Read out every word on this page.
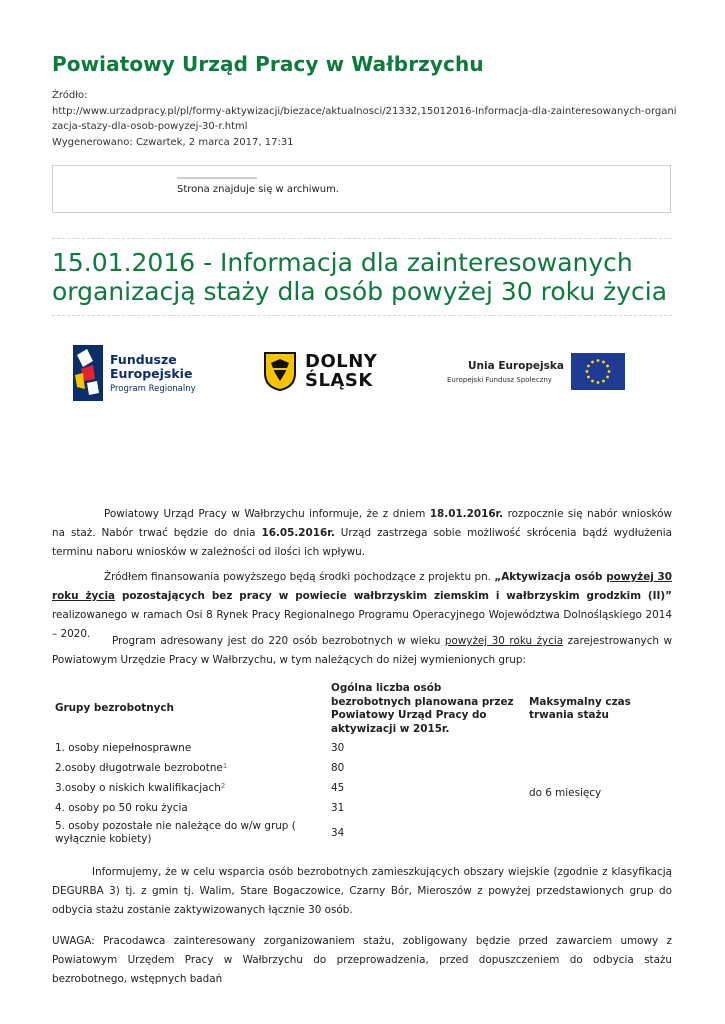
Powiatowy Urząd Pracy w Wałbrzychu
Źródło:
http://www.urzadpracy.pl/pl/formy-aktywizacji/biezace/aktualnosci/21332,15012016-Informacja-dla-zainteresowanych-organi
zacja-stazy-dla-osob-powyzej-30-r.html
Wygenerowano: Czwartek, 2 marca 2017, 17:31
Strona znajduje się w archiwum.
15.01.2016 - Informacja dla zainteresowanych organizacją staży dla osób powyżej 30 roku życia
Fundusze
Europejskie
Program Regionalny
DOLNY
ŚLĄSK
Unia Europejska
Europejski Fundusz Społeczny
Powiatowy Urząd Pracy w Wałbrzychu informuje, że z dniem 18.01.2016r. rozpocznie się nabór wniosków na staż. Nabór trwać będzie do dnia 16.05.2016r. Urząd zastrzega sobie możliwość skrócenia bądź wydłużenia terminu naboru wniosków w zależności od ilości ich wpływu.
Źródłem finansowania powyższego będą środki pochodzące z projektu pn. „Aktywizacja osób powyżej 30 roku życia pozostających bez pracy w powiecie wałbrzyskim ziemskim i wałbrzyskim grodzkim (II)” realizowanego w ramach Osi 8 Rynek Pracy Regionalnego Programu Operacyjnego Województwa Dolnośląskiego 2014 – 2020.
Program adresowany jest do 220 osób bezrobotnych w wieku powyżej 30 roku życia zarejestrowanych w Powiatowym Urzędzie Pracy w Wałbrzychu, w tym należących do niżej wymienionych grup:
Grupy bezrobotnych	Ogólna liczba osób bezrobotnych planowana przez Powiatowy Urząd Pracy do aktywizacji w 2015r.	Maksymalny czas trwania stażu
1. osoby niepełnosprawne	30	do 6 miesięcy
2.osoby długotrwale bezrobotne$^1$	80	
3.osoby o niskich kwalifikacjach$^2$	45	
4. osoby po 50 roku życia	31	
5. osoby pozostałe nie należące do w/w grup ( wyłącznie kobiety)	34	
Informujemy, że w celu wsparcia osób bezrobotnych zamieszkujących obszary wiejskie (zgodnie z klasyfikacją DEGURBA 3) tj. z gmin tj. Walim, Stare Bogaczowice, Czarny Bór, Mieroszów z powyżej przedstawionych grup do odbycia stażu zostanie zaktywizowanych łącznie 30 osób.
UWAGA: Pracodawca zainteresowany zorganizowaniem stażu, zobligowany będzie przed zawarciem umowy z Powiatowym Urzędem Pracy w Wałbrzychu do przeprowadzenia, przed dopuszczeniem do odbycia stażu bezrobotnego, wstępnych badań
